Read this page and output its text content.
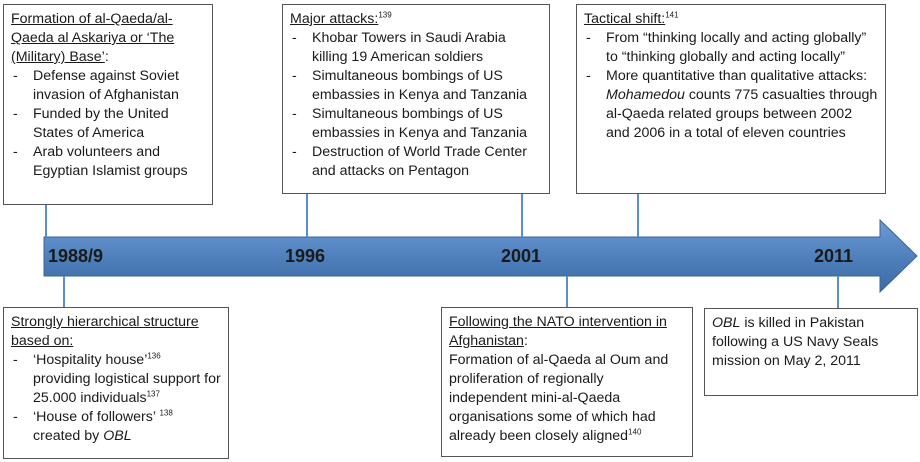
1988/9	1996	2001	2011
Formation of al-Qaeda/al-Qaeda al Askariya or ‘The (Military) Base’:
- Defense against Soviet invasion of Afghanistan
- Funded by the United States of America
- Arab volunteers and Egyptian Islamist groups
Major attacks:$^{139}$
- Khobar Towers in Saudi Arabia killing 19 American soldiers
- Simultaneous bombings of US embassies in Kenya and Tanzania
- Simultaneous bombings of US embassies in Kenya and Tanzania
- Destruction of World Trade Center and attacks on Pentagon
Tactical shift:$^{141}$
- From “thinking locally and acting globally” to “thinking globally and acting locally”
- More quantitative than qualitative attacks: Mohamedou counts 775 casualties through al-Qaeda related groups between 2002 and 2006 in a total of eleven countries
Strongly hierarchical structure based on:
- ‘Hospitality house’$^{136}$ providing logistical support for 25.000 individuals$^{137}$
- ‘House of followers’ $^{138}$ created by OBL
Following the NATO intervention in Afghanistan:
Formation of al-Qaeda al Oum and proliferation of regionally independent mini-al-Qaeda organisations some of which had already been closely aligned$^{140}$
OBL is killed in Pakistan following a US Navy Seals mission on May 2, 2011
